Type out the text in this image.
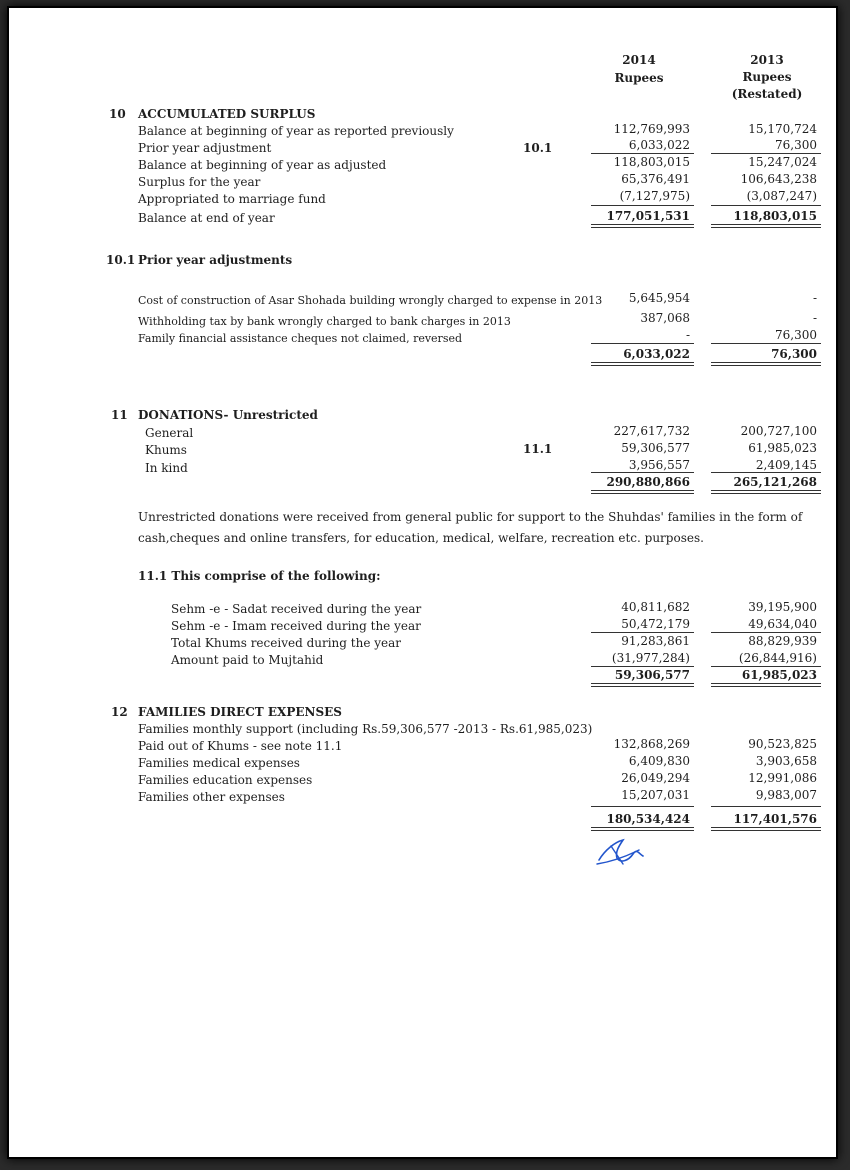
2014
Rupees
2013
Rupees
(Restated)
10 ACCUMULATED SURPLUS
Balance at beginning of year as reported previously	112,769,993	15,170,724
Prior year adjustment	10.1	6,033,022	76,300
Balance at beginning of year as adjusted	118,803,015	15,247,024
Surplus for the year	65,376,491	106,643,238
Appropriated to marriage fund	(7,127,975)	(3,087,247)
Balance at end of year	177,051,531	118,803,015
10.1 Prior year adjustments
Cost of construction of Asar Shohada building wrongly charged to expense in 2013	5,645,954	-
Withholding tax by bank wrongly charged to bank charges in 2013	387,068	-
Family financial assistance cheques not claimed, reversed	-	76,300
6,033,022	76,300
11 DONATIONS- Unrestricted
General	227,617,732	200,727,100
Khums	11.1	59,306,577	61,985,023
In kind	3,956,557	2,409,145
290,880,866	265,121,268
Unrestricted donations were received from general public for support to the Shuhdas' families in the form of cash,cheques and online transfers, for education, medical, welfare, recreation etc. purposes.
11.1 This comprise of the following:
Sehm -e - Sadat received during the year	40,811,682	39,195,900
Sehm -e - Imam received during the year	50,472,179	49,634,040
Total Khums received during the year	91,283,861	88,829,939
Amount paid to Mujtahid	(31,977,284)	(26,844,916)
59,306,577	61,985,023
12 FAMILIES DIRECT EXPENSES
Families monthly support (including Rs.59,306,577 -2013 - Rs.61,985,023)
Paid out of Khums - see note 11.1	132,868,269	90,523,825
Families medical expenses	6,409,830	3,903,658
Families education expenses	26,049,294	12,991,086
Families other expenses	15,207,031	9,983,007
180,534,424	117,401,576
